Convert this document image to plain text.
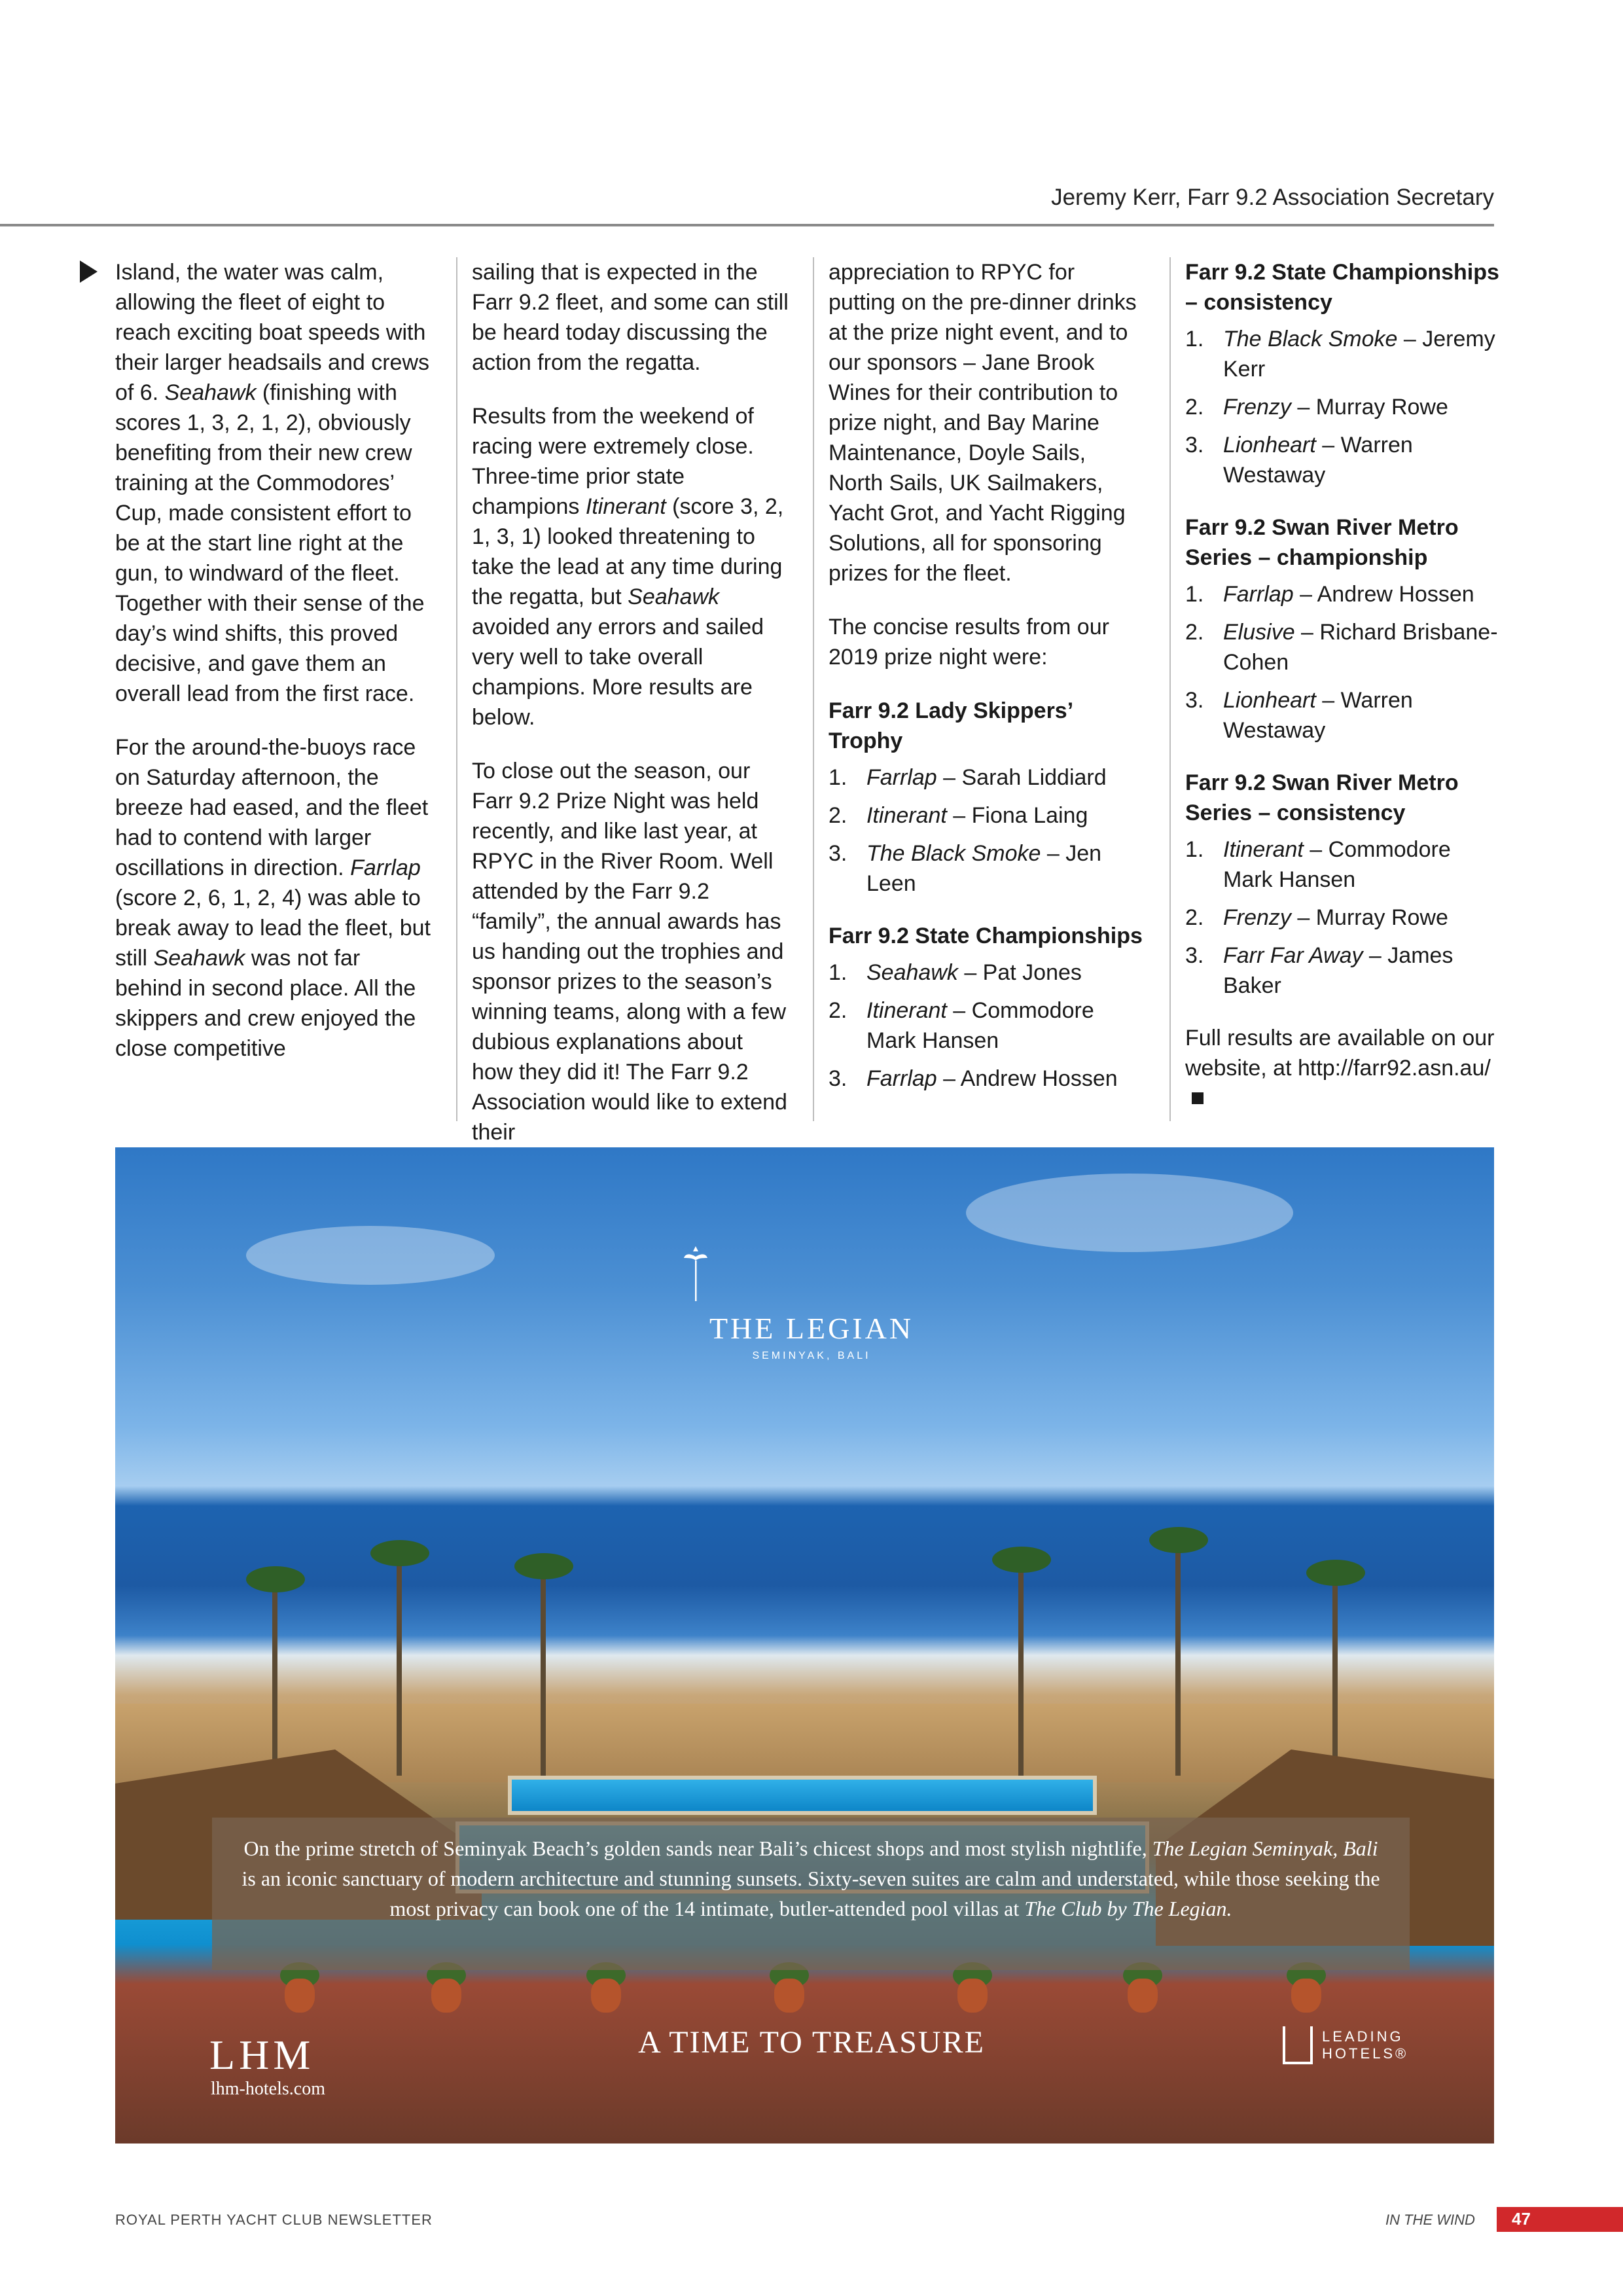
Jeremy Kerr, Farr 9.2 Association Secretary

Island, the water was calm, allowing the fleet of eight to reach exciting boat speeds with their larger headsails and crews of 6. Seahawk (finishing with scores 1, 3, 2, 1, 2), obviously benefiting from their new crew training at the Commodores’ Cup, made consistent effort to be at the start line right at the gun, to windward of the fleet. Together with their sense of the day’s wind shifts, this proved decisive, and gave them an overall lead from the first race.

For the around-the-buoys race on Saturday afternoon, the breeze had eased, and the fleet had to contend with larger oscillations in direction. Farrlap (score 2, 6, 1, 2, 4) was able to break away to lead the fleet, but still Seahawk was not far behind in second place. All the skippers and crew enjoyed the close competitive

sailing that is expected in the Farr 9.2 fleet, and some can still be heard today discussing the action from the regatta.

Results from the weekend of racing were extremely close. Three-time prior state champions Itinerant (score 3, 2, 1, 3, 1) looked threatening to take the lead at any time during the regatta, but Seahawk avoided any errors and sailed very well to take overall champions. More results are below.

To close out the season, our Farr 9.2 Prize Night was held recently, and like last year, at RPYC in the River Room. Well attended by the Farr 9.2 “family”, the annual awards has us handing out the trophies and sponsor prizes to the season’s winning teams, along with a few dubious explanations about how they did it! The Farr 9.2 Association would like to extend their

appreciation to RPYC for putting on the pre-dinner drinks at the prize night event, and to our sponsors – Jane Brook Wines for their contribution to prize night, and Bay Marine Maintenance, Doyle Sails, North Sails, UK Sailmakers, Yacht Grot, and Yacht Rigging Solutions, all for sponsoring prizes for the fleet.

The concise results from our 2019 prize night were:

Farr 9.2 Lady Skippers’ Trophy
1. Farrlap – Sarah Liddiard
2. Itinerant – Fiona Laing
3. The Black Smoke – Jen Leen
Farr 9.2 State Championships
1. Seahawk – Pat Jones
2. Itinerant – Commodore Mark Hansen
3. Farrlap – Andrew Hossen
Farr 9.2 State Championships – consistency
1. The Black Smoke – Jeremy Kerr
2. Frenzy – Murray Rowe
3. Lionheart – Warren Westaway
Farr 9.2 Swan River Metro Series – championship
1. Farrlap – Andrew Hossen
2. Elusive – Richard Brisbane-Cohen
3. Lionheart – Warren Westaway
Farr 9.2 Swan River Metro Series – consistency
1. Itinerant – Commodore Mark Hansen
2. Frenzy – Murray Rowe
3. Farr Far Away – James Baker

Full results are available on our website, at http://farr92.asn.au/

THE LEGIAN
SEMINYAK, BALI
On the prime stretch of Seminyak Beach’s golden sands near Bali’s chicest shops and most stylish nightlife, The Legian Seminyak, Bali is an iconic sanctuary of modern architecture and stunning sunsets. Sixty-seven suites are calm and understated, while those seeking the most privacy can book one of the 14 intimate, butler-attended pool villas at The Club by The Legian.
LHM
lhm-hotels.com
A TIME TO TREASURE	LEADING
HOTELS®
ROYAL PERTH YACHT CLUB NEWSLETTER	IN THE WIND 47
